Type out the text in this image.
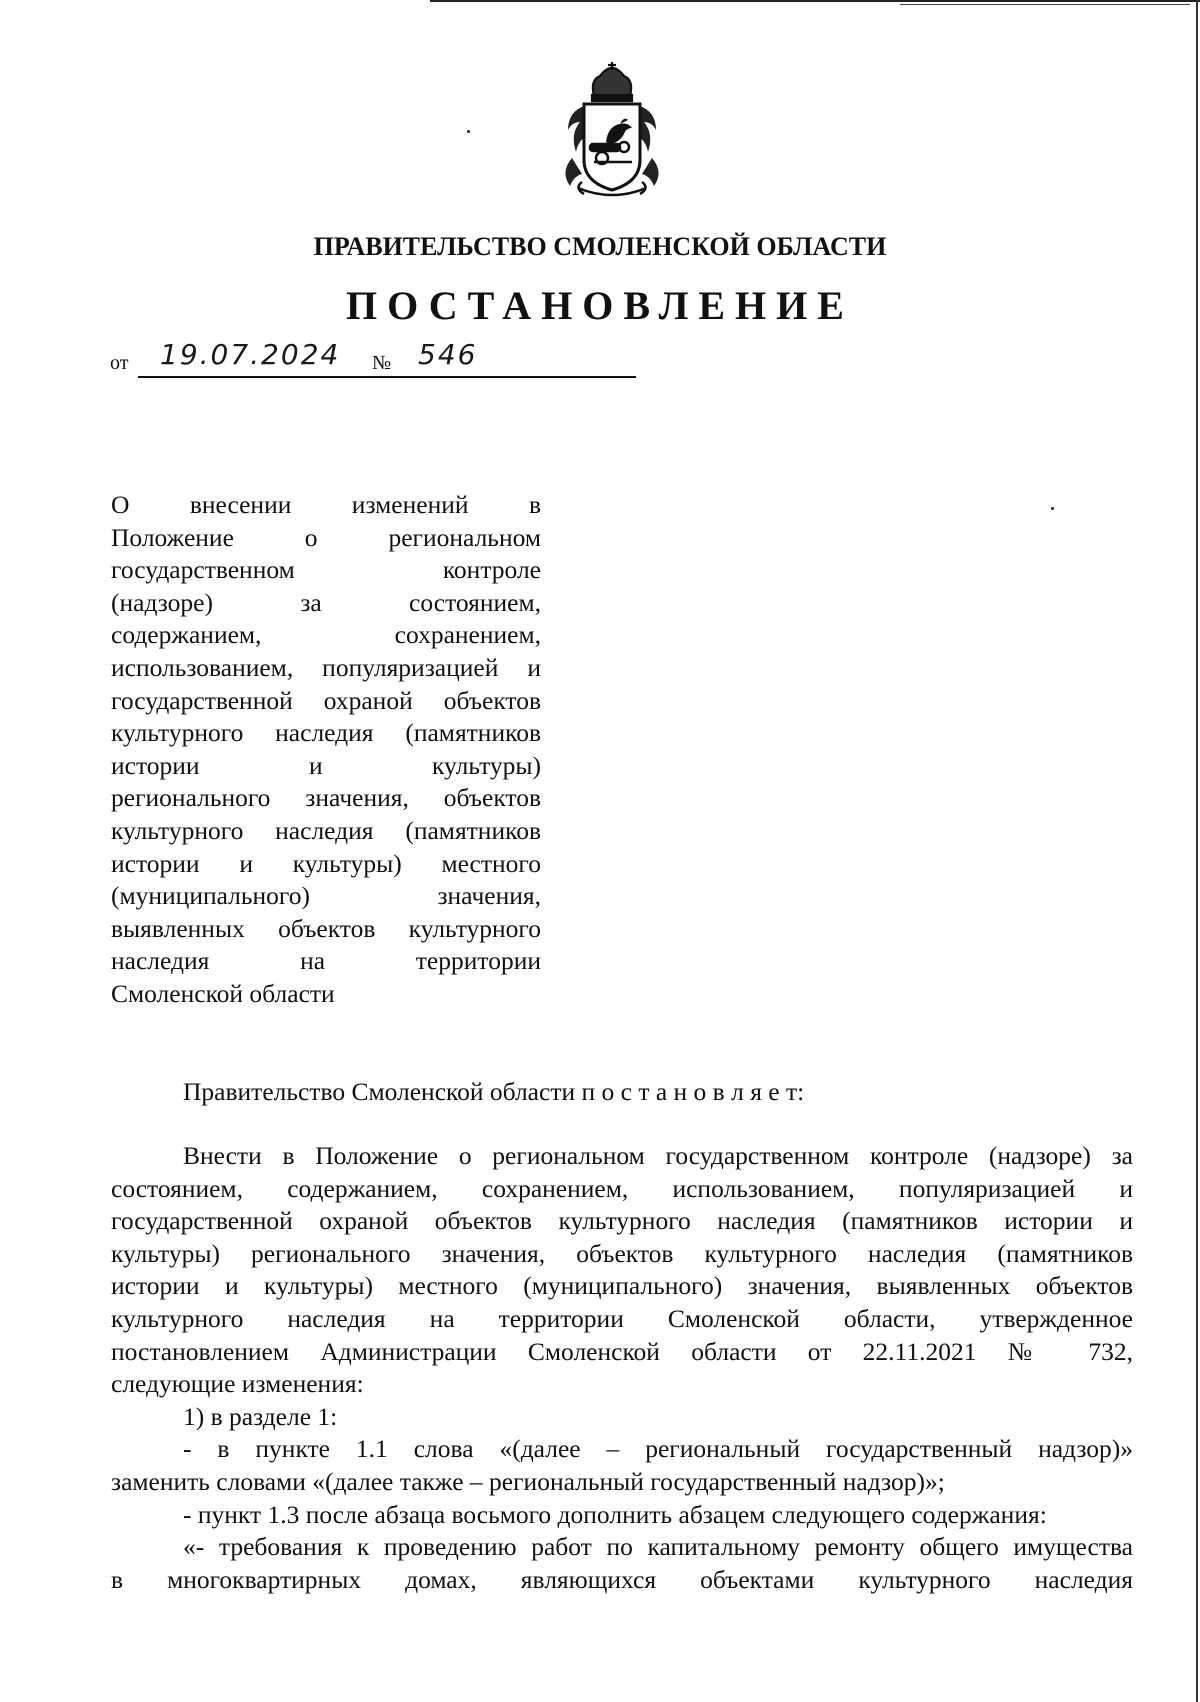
ПРАВИТЕЛЬСТВО СМОЛЕНСКОЙ ОБЛАСТИ
ПОСТАНОВЛЕНИЕ
от 19.07.2024 № 546
О внесении изменений в
Положение о региональном
государственном контроле
(надзоре) за состоянием,
содержанием, сохранением,
использованием, популяризацией и
государственной охраной объектов
культурного наследия (памятников
истории и культуры)
регионального значения, объектов
культурного наследия (памятников
истории и культуры) местного
(муниципального) значения,
выявленных объектов культурного
наследия на территории
Смоленской области
Правительство Смоленской области п о с т а н о в л я е т:
Внести в Положение о региональном государственном контроле (надзоре) за
состоянием, содержанием, сохранением, использованием, популяризацией и
государственной охраной объектов культурного наследия (памятников истории и
культуры) регионального значения, объектов культурного наследия (памятников
истории и культуры) местного (муниципального) значения, выявленных объектов
культурного наследия на территории Смоленской области, утвержденное
постановлением Администрации Смоленской области от 22.11.2021 № 732,
следующие изменения:
1) в разделе 1:
- в пункте 1.1 слова «(далее – региональный государственный надзор)»
заменить словами «(далее также – региональный государственный надзор)»;
- пункт 1.3 после абзаца восьмого дополнить абзацем следующего содержания:
«- требования к проведению работ по капитальному ремонту общего имущества
в многоквартирных домах, являющихся объектами культурного наследия
